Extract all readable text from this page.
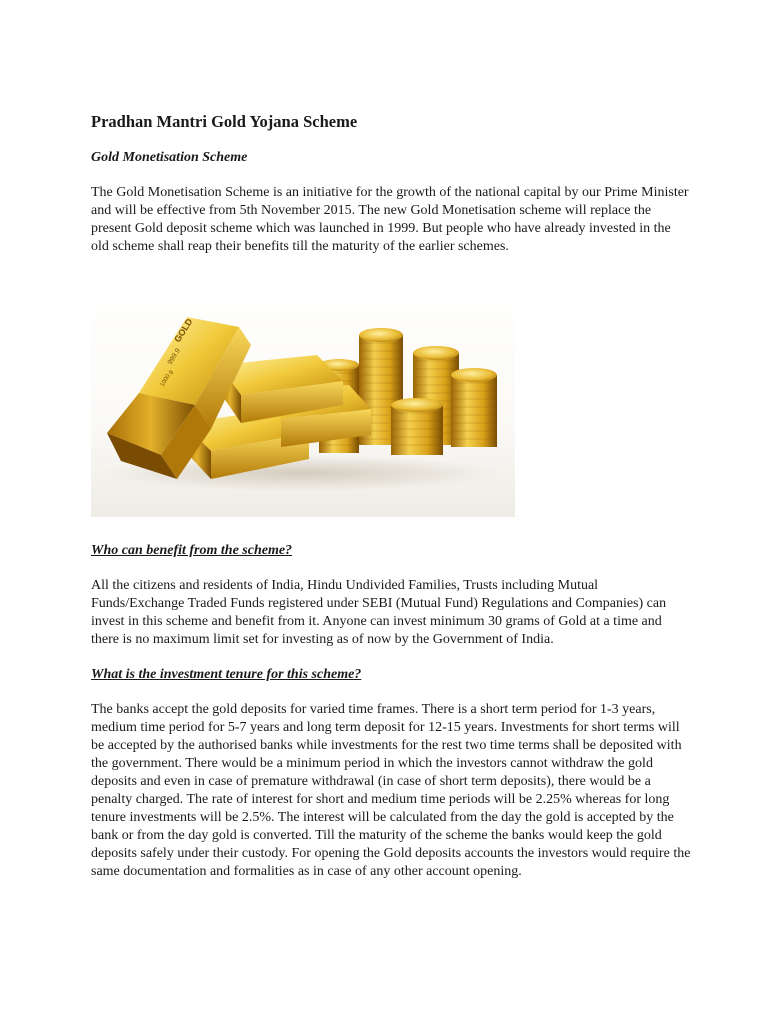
Pradhan Mantri Gold Yojana Scheme
Gold Monetisation Scheme

The Gold Monetisation Scheme is an initiative for the growth of the national capital by our Prime Minister and will be effective from 5th November 2015. The new Gold Monetisation scheme will replace the present Gold deposit scheme which was launched in 1999. But people who have already invested in the old scheme shall reap their benefits till the maturity of the earlier schemes.

GOLD
999.9
1000 g
Who can benefit from the scheme?

All the citizens and residents of India, Hindu Undivided Families, Trusts including Mutual Funds/Exchange Traded Funds registered under SEBI (Mutual Fund) Regulations and Companies) can invest in this scheme and benefit from it. Anyone can invest minimum 30 grams of Gold at a time and there is no maximum limit set for investing as of now by the Government of India.

What is the investment tenure for this scheme?

The banks accept the gold deposits for varied time frames. There is a short term period for 1-3 years, medium time period for 5-7 years and long term deposit for 12-15 years. Investments for short terms will be accepted by the authorised banks while investments for the rest two time terms shall be deposited with the government. There would be a minimum period in which the investors cannot withdraw the gold deposits and even in case of premature withdrawal (in case of short term deposits), there would be a penalty charged. The rate of interest for short and medium time periods will be 2.25% whereas for long tenure investments will be 2.5%. The interest will be calculated from the day the gold is accepted by the bank or from the day gold is converted. Till the maturity of the scheme the banks would keep the gold deposits safely under their custody. For opening the Gold deposits accounts the investors would require the same documentation and formalities as in case of any other account opening.
